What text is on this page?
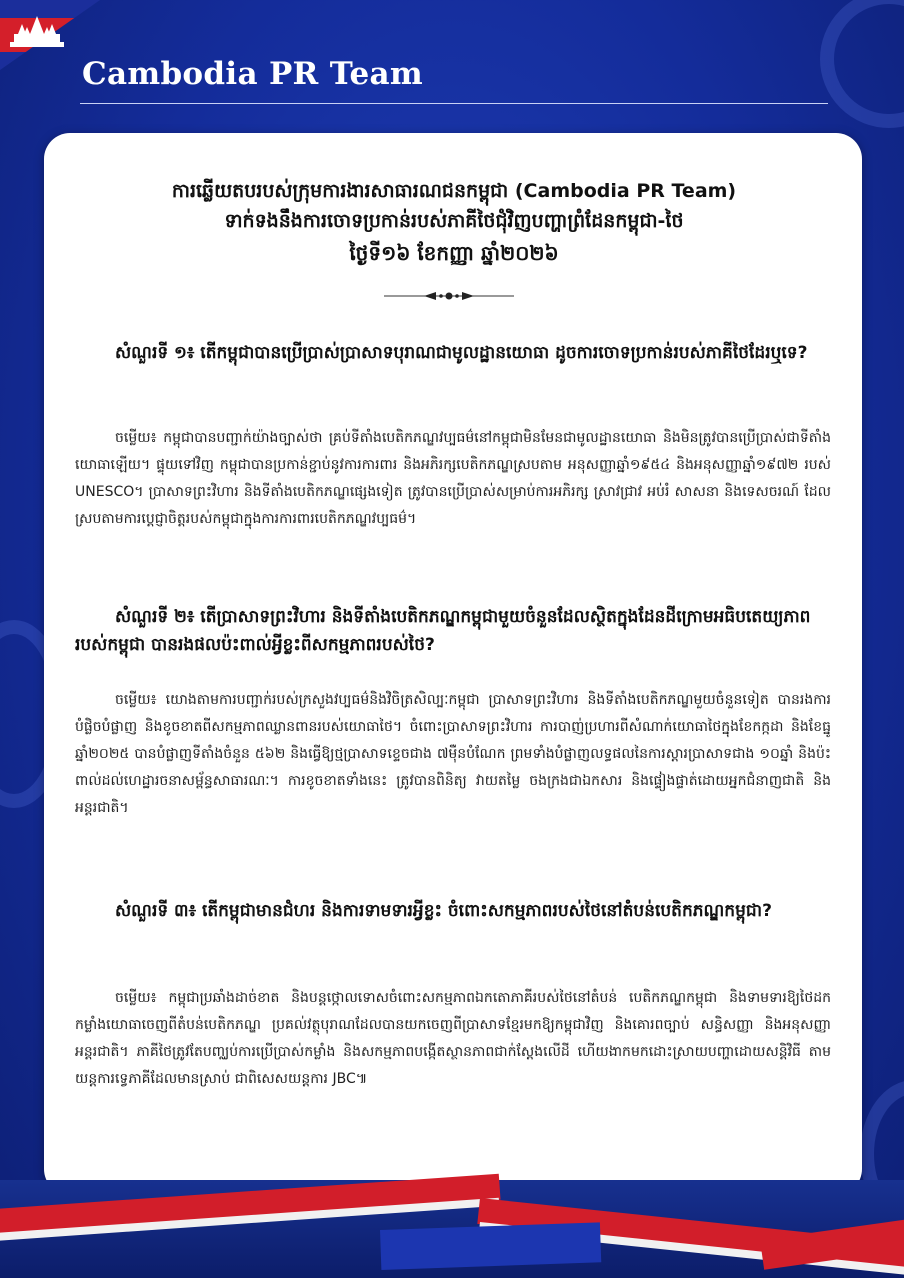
Cambodia PR Team

ការឆ្លើយតបរបស់ក្រុមការងារសាធារណជនកម្ពុជា (Cambodia PR Team)

ទាក់ទងនឹងការចោទប្រកាន់របស់ភាគីថៃជុំវិញបញ្ហាព្រំដែនកម្ពុជា-ថៃ

ថ្ងៃទី១៦ ខែកញ្ញា ឆ្នាំ២០២៦

សំណួរទី ១៖ តើកម្ពុជាបានប្រើប្រាស់ប្រាសាទបុរាណជាមូលដ្ឋានយោធា ដូចការចោទប្រកាន់របស់ភាគីថៃដែរឬទេ?

ចម្លើយ៖ កម្ពុជាបានបញ្ជាក់យ៉ាងច្បាស់ថា គ្រប់ទីតាំងបេតិកភណ្ឌវប្បធម៌នៅកម្ពុជាមិនមែនជាមូលដ្ឋានយោធា និងមិនត្រូវបានប្រើប្រាស់ជាទីតាំងយោធាឡើយ។ ផ្ទុយទៅវិញ កម្ពុជាបានប្រកាន់ខ្ជាប់នូវការការពារ និងអភិរក្សបេតិកភណ្ឌស្របតាម អនុសញ្ញាឆ្នាំ១៩៥៤ និងអនុសញ្ញាឆ្នាំ១៩៧២ របស់ UNESCO។ ប្រាសាទព្រះវិហារ និងទីតាំងបេតិកភណ្ឌផ្សេងទៀត ត្រូវបានប្រើប្រាស់សម្រាប់ការអភិរក្ស ស្រាវជ្រាវ អប់រំ សាសនា និងទេសចរណ៍ ដែលស្របតាមការប្តេជ្ញាចិត្តរបស់កម្ពុជាក្នុងការការពារបេតិកភណ្ឌវប្បធម៌។

សំណួរទី ២៖ តើប្រាសាទព្រះវិហារ និងទីតាំងបេតិកភណ្ឌកម្ពុជាមួយចំនួនដែលស្ថិតក្នុងដែនដីក្រោមអធិបតេយ្យភាពរបស់កម្ពុជា បានរងផលប៉ះពាល់អ្វីខ្លះពីសកម្មភាពរបស់ថៃ?

ចម្លើយ៖ យោងតាមការបញ្ជាក់របស់ក្រសួងវប្បធម៌និងវិចិត្រសិល្បៈកម្ពុជា ប្រាសាទព្រះវិហារ និងទីតាំងបេតិកភណ្ឌមួយចំនួនទៀត បានរងការបំផ្លិចបំផ្លាញ និងខូចខាតពីសកម្មភាពឈ្លានពានរបស់យោធាថៃ។ ចំពោះប្រាសាទព្រះវិហារ ការបាញ់ប្រហារពីសំណាក់យោធាថៃក្នុងខែកក្កដា និងខែធ្នូ ឆ្នាំ២០២៥ បានបំផ្លាញទីតាំងចំនួន ៥៦២ និងធ្វើឱ្យថ្មប្រាសាទខ្ទេចជាង ៧ម៉ឺនបំណែក ព្រមទាំងបំផ្លាញលទ្ធផលនៃការស្តារប្រាសាទជាង ១០ឆ្នាំ និងប៉ះពាល់ដល់ហេដ្ឋារចនាសម្ព័ន្ធសាធារណៈ។ ការខូចខាតទាំងនេះ ត្រូវបានពិនិត្យ វាយតម្លៃ ចងក្រងជាឯកសារ និងផ្ទៀងផ្ទាត់ដោយអ្នកជំនាញជាតិ និងអន្តរជាតិ។

សំណួរទី ៣៖ តើកម្ពុជាមានជំហរ និងការទាមទារអ្វីខ្លះ ចំពោះសកម្មភាពរបស់ថៃនៅតំបន់បេតិកភណ្ឌកម្ពុជា?

ចម្លើយ៖ កម្ពុជាប្រឆាំងដាច់ខាត និងបន្តថ្កោលទោសចំពោះសកម្មភាពឯកតោភាគីរបស់ថៃនៅតំបន់ បេតិកភណ្ឌកម្ពុជា និងទាមទារឱ្យថៃដកកម្លាំងយោធាចេញពីតំបន់បេតិកភណ្ឌ ប្រគល់វត្ថុបុរាណដែលបានយកចេញពីប្រាសាទខ្មែរមកឱ្យកម្ពុជាវិញ និងគោរពច្បាប់ សន្ធិសញ្ញា និងអនុសញ្ញាអន្តរជាតិ។ ភាគីថៃត្រូវតែបញ្ឈប់ការប្រើប្រាស់កម្លាំង និងសកម្មភាពបង្កើតស្ថានភាពជាក់ស្តែងលើដី ហើយងាកមកដោះស្រាយបញ្ហាដោយសន្តិវិធី តាមយន្តការទ្វេភាគីដែលមានស្រាប់ ជាពិសេសយន្តការ JBC៕
